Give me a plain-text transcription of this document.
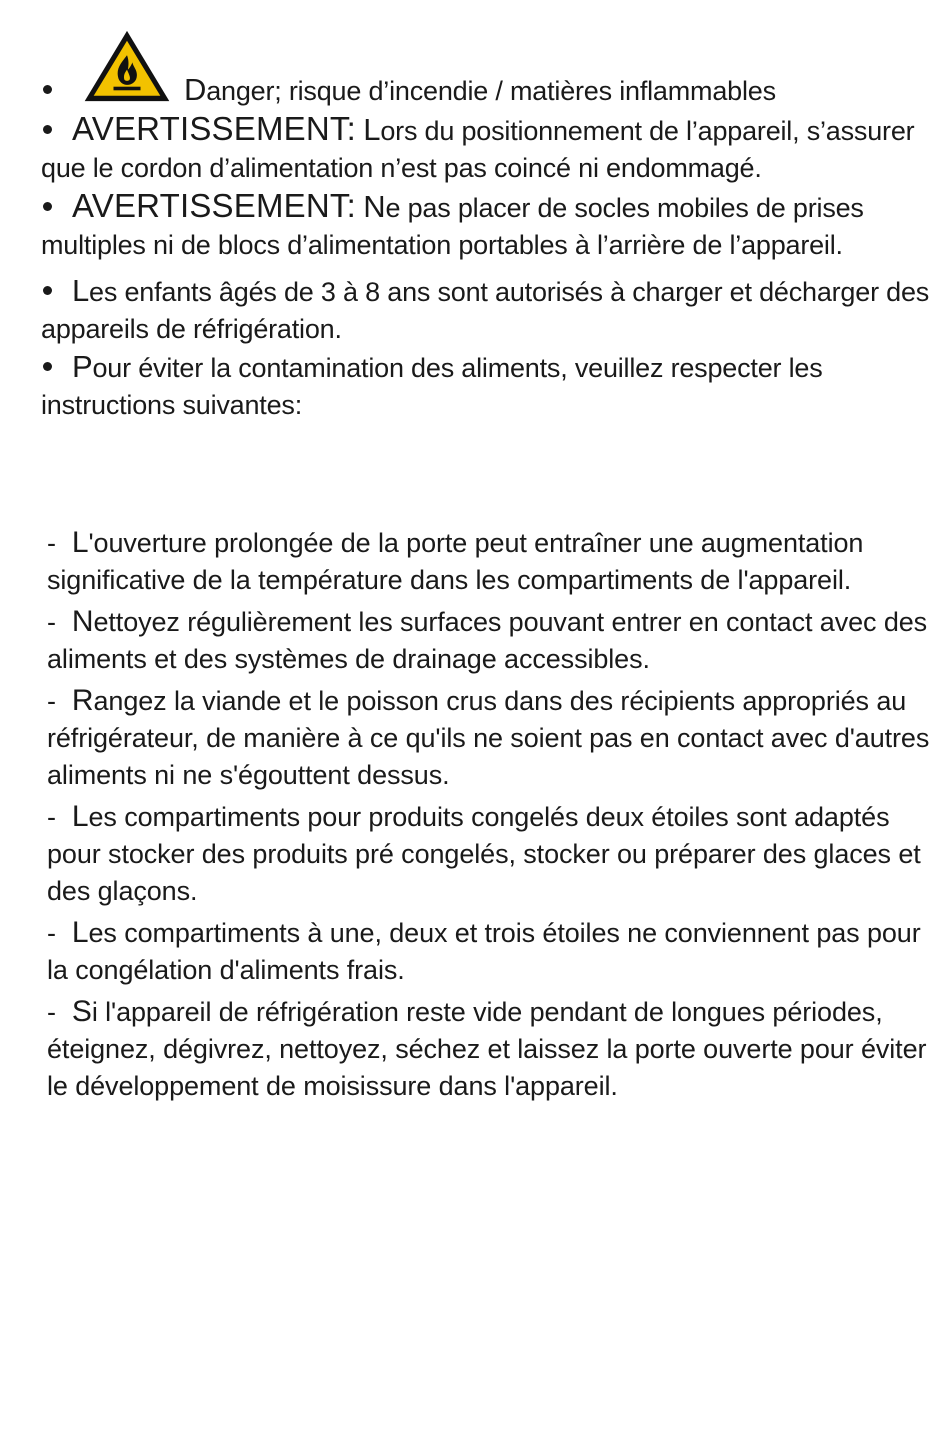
Danger; risque d’incendie / matières inflammables
AVERTISSEMENT: Lors du positionnement de l’appareil, s’assurer que le cordon d’alimentation n’est pas coincé ni endommagé.
AVERTISSEMENT: Ne pas placer de socles mobiles de prises multiples ni de blocs d’alimentation portables à l’arrière de l’appareil.
Les enfants âgés de 3 à 8 ans sont autorisés à charger et décharger des appareils de réfrigération.
Pour éviter la contamination des aliments, veuillez respecter les instructions suivantes:
- L'ouverture prolongée de la porte peut entraîner une augmentation significative de la température dans les compartiments de l'appareil.
- Nettoyez régulièrement les surfaces pouvant entrer en contact avec des aliments et des systèmes de drainage accessibles.
- Rangez la viande et le poisson crus dans des récipients appropriés au réfrigérateur, de manière à ce qu'ils ne soient pas en contact avec d'autres aliments ni ne s'égouttent dessus.
- Les compartiments pour produits congelés deux étoiles sont adaptés pour stocker des produits pré congelés, stocker ou préparer des glaces et des glaçons.
- Les compartiments à une, deux et trois étoiles ne conviennent pas pour la congélation d'aliments frais.
- Si l'appareil de réfrigération reste vide pendant de longues périodes, éteignez, dégivrez, nettoyez, séchez et laissez la porte ouverte pour éviter le développement de moisissure dans l'appareil.
